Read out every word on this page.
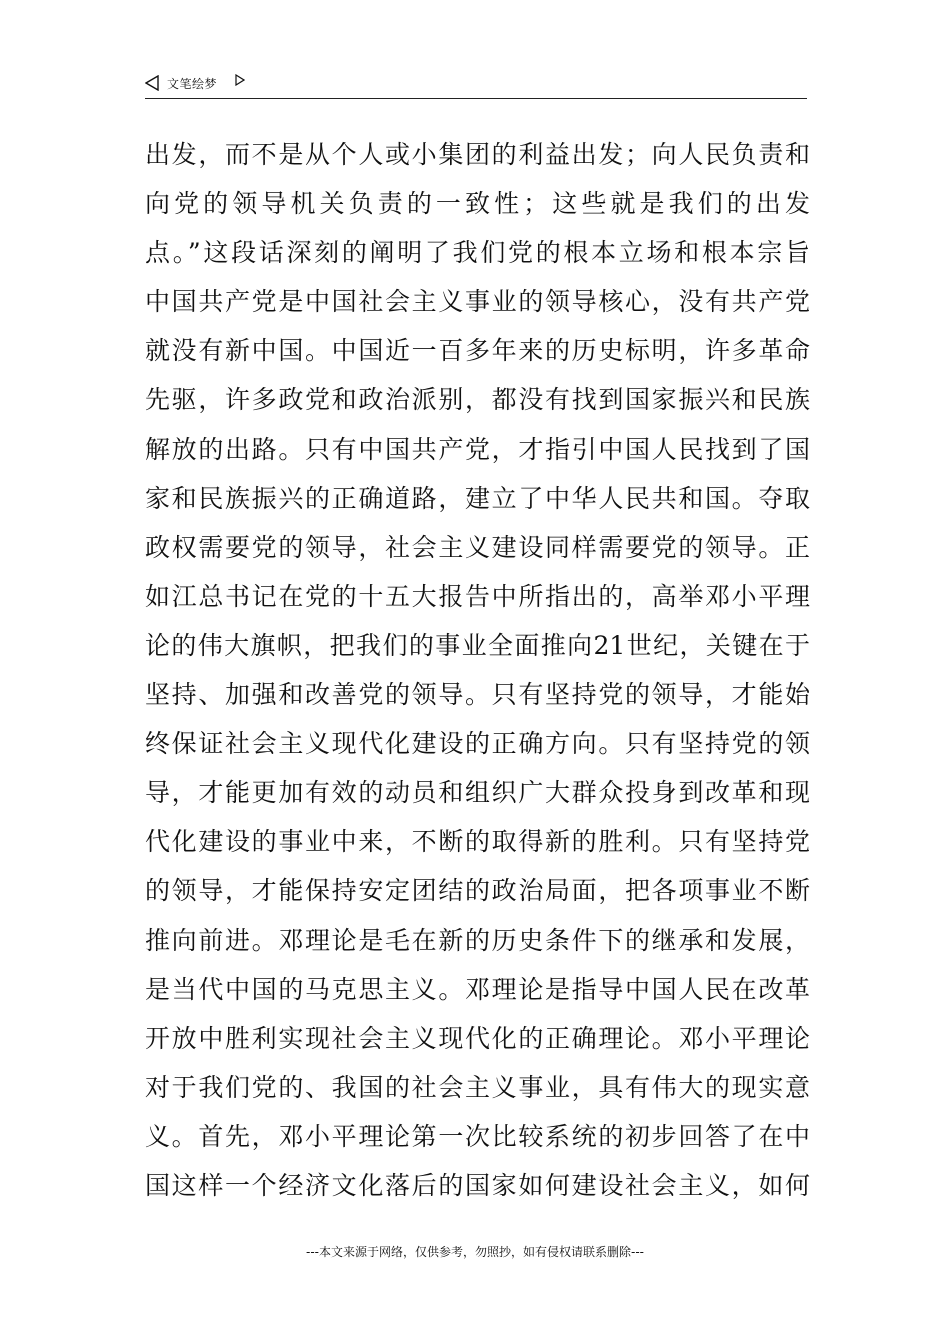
文笔绘梦
出发，而不是从个人或小集团的利益出发；向人民负责和
向党的领导机关负责的一致性；这些就是我们的出发
点。”这段话深刻的阐明了我们党的根本立场和根本宗旨
中国共产党是中国社会主义事业的领导核心，没有共产党
就没有新中国。中国近一百多年来的历史标明，许多革命
先驱，许多政党和政治派别，都没有找到国家振兴和民族
解放的出路。只有中国共产党，才指引中国人民找到了国
家和民族振兴的正确道路，建立了中华人民共和国。夺取
政权需要党的领导，社会主义建设同样需要党的领导。正
如江总书记在党的十五大报告中所指出的，高举邓小平理
论的伟大旗帜，把我们的事业全面推向21世纪，关键在于
坚持、加强和改善党的领导。只有坚持党的领导，才能始
终保证社会主义现代化建设的正确方向。只有坚持党的领
导，才能更加有效的动员和组织广大群众投身到改革和现
代化建设的事业中来，不断的取得新的胜利。只有坚持党
的领导，才能保持安定团结的政治局面，把各项事业不断
推向前进。邓理论是毛在新的历史条件下的继承和发展，
是当代中国的马克思主义。邓理论是指导中国人民在改革
开放中胜利实现社会主义现代化的正确理论。邓小平理论
对于我们党的、我国的社会主义事业，具有伟大的现实意
义。首先，邓小平理论第一次比较系统的初步回答了在中
国这样一个经济文化落后的国家如何建设社会主义，如何
---本文来源于网络，仅供参考，勿照抄，如有侵权请联系删除---
